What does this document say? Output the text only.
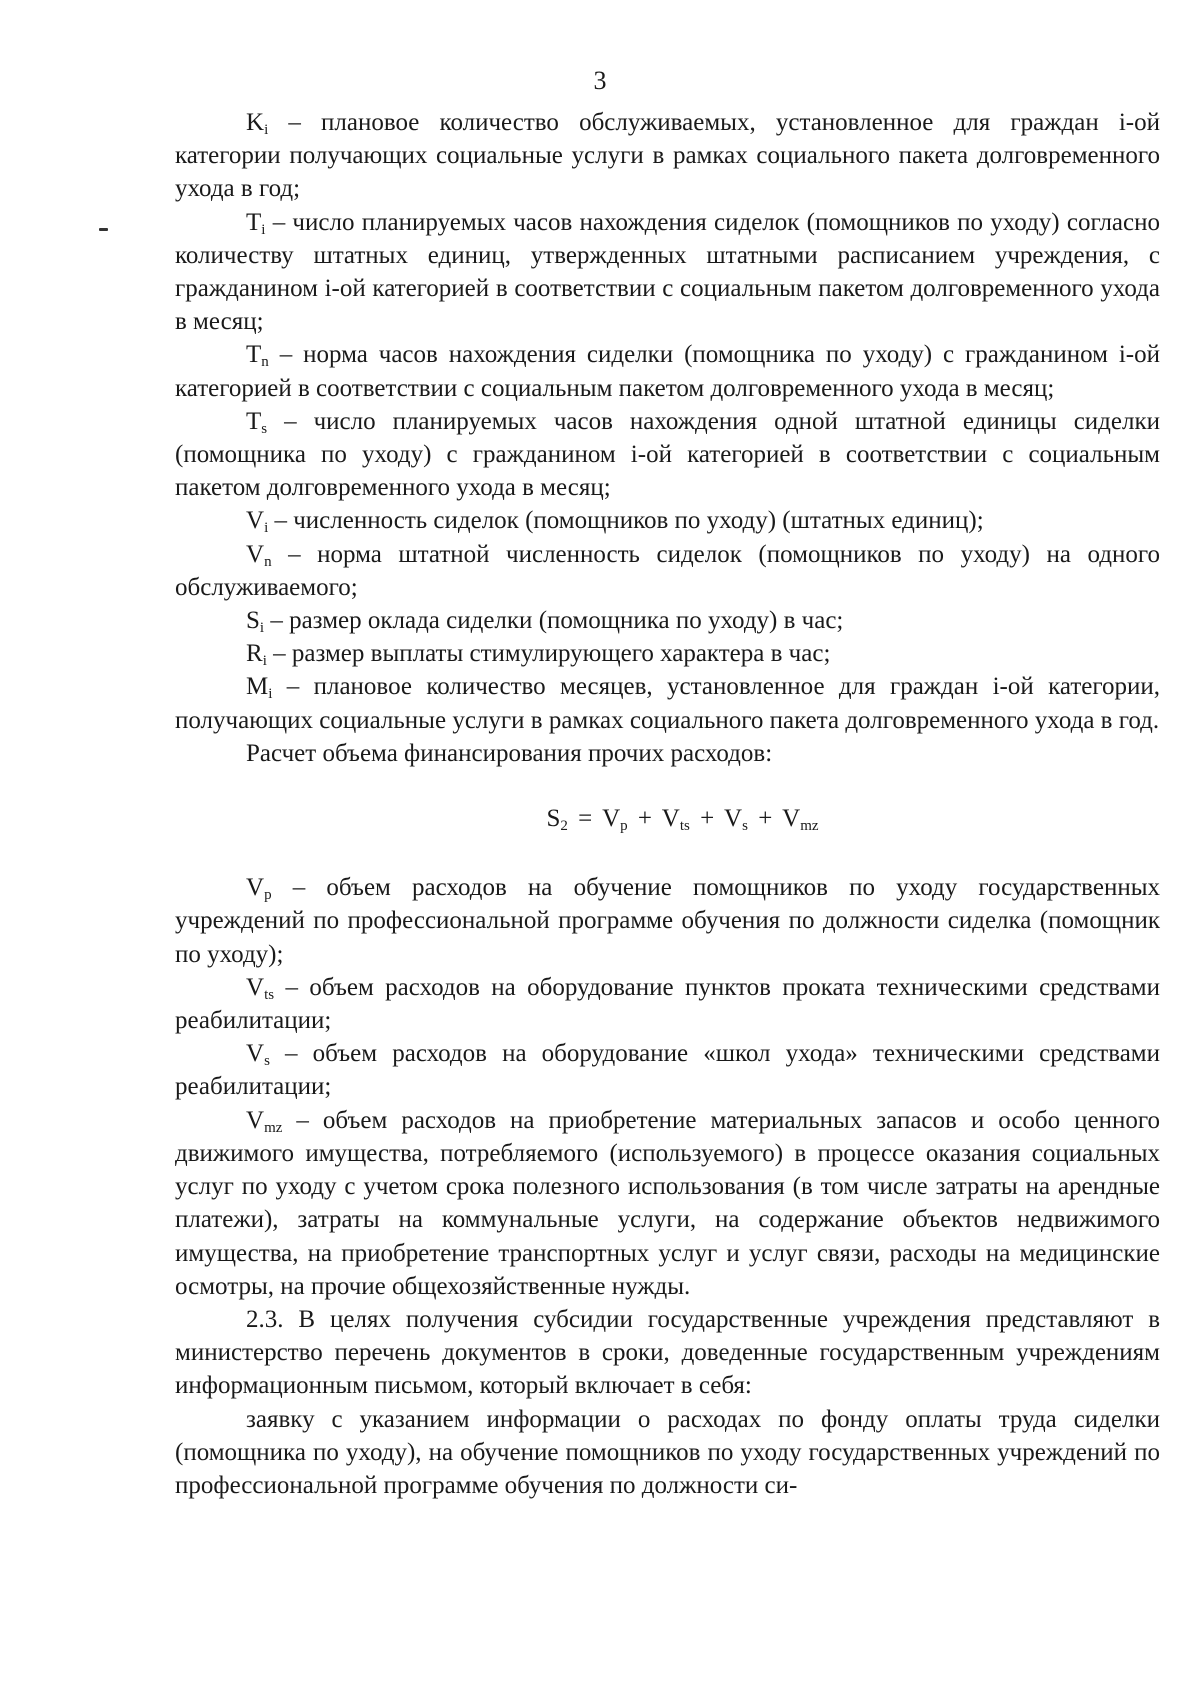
3

$K_i$ – плановое количество обслуживаемых, установленное для граждан i-ой категории получающих социальные услуги в рамках социального пакета долговременного ухода в год;

$T_i$ – число планируемых часов нахождения сиделок (помощников по уходу) согласно количеству штатных единиц, утвержденных штатными расписанием учреждения, с гражданином i-ой категорией в соответствии с социальным пакетом долговременного ухода в месяц;

$T_n$ – норма часов нахождения сиделки (помощника по уходу) с гражданином i-ой категорией в соответствии с социальным пакетом долговременного ухода в месяц;

$T_s$ – число планируемых часов нахождения одной штатной единицы сиделки (помощника по уходу) с гражданином i-ой категорией в соответствии с социальным пакетом долговременного ухода в месяц;

$V_i$ – численность сиделок (помощников по уходу) (штатных единиц);

$V_n$ – норма штатной численность сиделок (помощников по уходу) на одного обслуживаемого;

$S_i$ – размер оклада сиделки (помощника по уходу) в час;

$R_i$ – размер выплаты стимулирующего характера в час;

$M_i$ – плановое количество месяцев, установленное для граждан i-ой категории, получающих социальные услуги в рамках социального пакета долговременного ухода в год.

Расчет объема финансирования прочих расходов:

$S_2 = V_p + V_{ts} + V_s + V_{mz}$

$V_p$ – объем расходов на обучение помощников по уходу государственных учреждений по профессиональной программе обучения по должности сиделка (помощник по уходу);

$V_{ts}$ – объем расходов на оборудование пунктов проката техническими средствами реабилитации;

$V_s$ – объем расходов на оборудование «школ ухода» техническими средствами реабилитации;

$V_{mz}$ – объем расходов на приобретение материальных запасов и особо ценного движимого имущества, потребляемого (используемого) в процессе оказания социальных услуг по уходу с учетом срока полезного использования (в том числе затраты на арендные платежи), затраты на коммунальные услуги, на содержание объектов недвижимого имущества, на приобретение транспортных услуг и услуг связи, расходы на медицинские осмотры, на прочие общехозяйственные нужды.

2.3. В целях получения субсидии государственные учреждения представляют в министерство перечень документов в сроки, доведенные государственным учреждениям информационным письмом, который включает в себя:

заявку с указанием информации о расходах по фонду оплаты труда сиделки (помощника по уходу), на обучение помощников по уходу государственных учреждений по профессиональной программе обучения по должности си-
